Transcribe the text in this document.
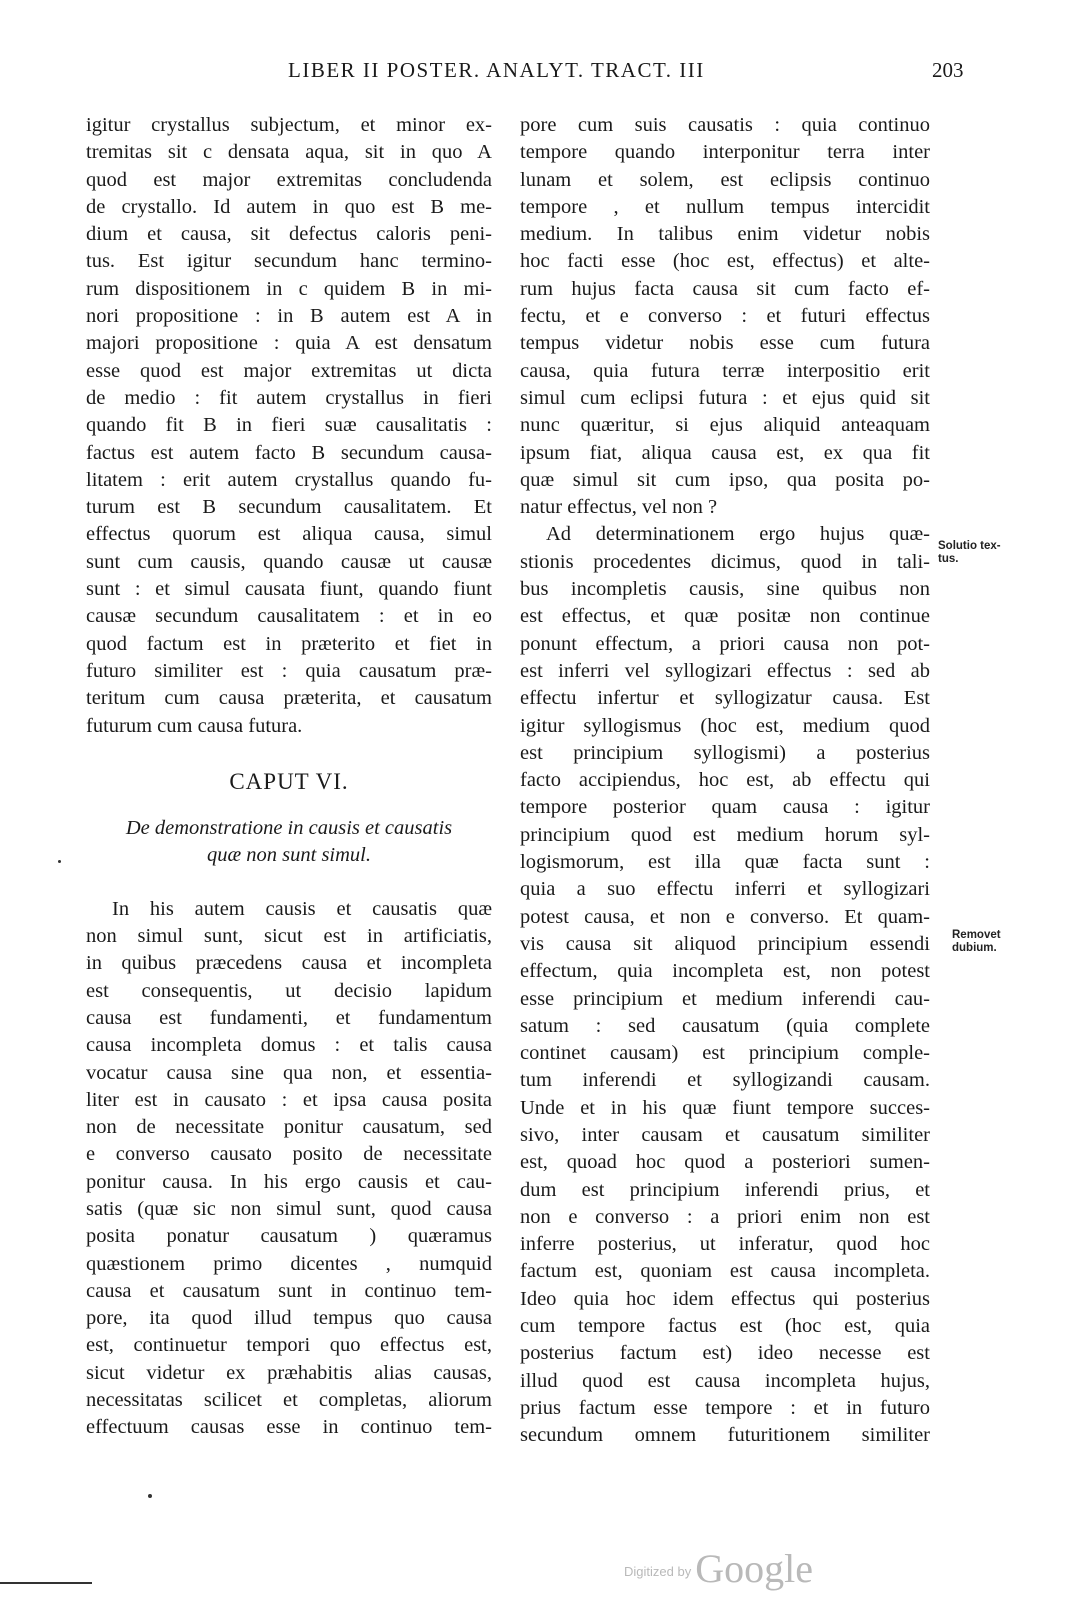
LIBER II POSTER. ANALYT. TRACT. III	203

igitur crystallus subjectum, et minor ex-
tremitas sit c densata aqua, sit in quo A
quod est major extremitas concludenda
de crystallo. Id autem in quo est B me-
dium et causa, sit defectus caloris peni-
tus. Est igitur secundum hanc termino-
rum dispositionem in c quidem B in mi-
nori propositione : in B autem est A in
majori propositione : quia A est densatum
esse quod est major extremitas ut dicta
de medio : fit autem crystallus in fieri
quando fit B in fieri suæ causalitatis :
factus est autem facto B secundum causa-
litatem : erit autem crystallus quando fu-
turum est B secundum causalitatem. Et
effectus quorum est aliqua causa, simul
sunt cum causis, quando causæ ut causæ
sunt : et simul causata fiunt, quando fiunt
causæ secundum causalitatem : et in eo
quod factum est in præterito et fiet in
futuro similiter est : quia causatum præ-
teritum cum causa præterita, et causatum
futurum cum causa futura.

CAPUT VI.
De demonstratione in causis et causatis
quæ non sunt simul.

In his autem causis et causatis quæ
non simul sunt, sicut est in artificiatis,
in quibus præcedens causa et incompleta
est consequentis, ut decisio lapidum
causa est fundamenti, et fundamentum
causa incompleta domus : et talis causa
vocatur causa sine qua non, et essentia-
liter est in causato : et ipsa causa posita
non de necessitate ponitur causatum, sed
e converso causato posito de necessitate
ponitur causa. In his ergo causis et cau-
satis (quæ sic non simul sunt, quod causa
posita ponatur causatum ) quæramus
quæstionem primo dicentes , numquid
causa et causatum sunt in continuo tem-
pore, ita quod illud tempus quo causa
est, continuetur tempori quo effectus est,
sicut videtur ex præhabitis alias causas,
necessitatas scilicet et completas, aliorum
effectuum causas esse in continuo tem-

pore cum suis causatis : quia continuo
tempore quando interponitur terra inter
lunam et solem, est eclipsis continuo
tempore , et nullum tempus intercidit
medium. In talibus enim videtur nobis
hoc facti esse (hoc est, effectus) et alte-
rum hujus facta causa sit cum facto ef-
fectu, et e converso : et futuri effectus
tempus videtur nobis esse cum futura
causa, quia futura terræ interpositio erit
simul cum eclipsi futura : et ejus quid sit
nunc quæritur, si ejus aliquid anteaquam
ipsum fiat, aliqua causa est, ex qua fit
quæ simul sit cum ipso, qua posita po-
natur effectus, vel non ?

Ad determinationem ergo hujus quæ-
stionis procedentes dicimus, quod in tali-
bus incompletis causis, sine quibus non
est effectus, et quæ positæ non continue
ponunt effectum, a priori causa non pot-
est inferri vel syllogizari effectus : sed ab
effectu infertur et syllogizatur causa. Est
igitur syllogismus (hoc est, medium quod
est principium syllogismi) a posterius
facto accipiendus, hoc est, ab effectu qui
tempore posterior quam causa : igitur
principium quod est medium horum syl-
logismorum, est illa quæ facta sunt :
quia a suo effectu inferri et syllogizari
potest causa, et non e converso. Et quam-
vis causa sit aliquod principium essendi
effectum, quia incompleta est, non potest
esse principium et medium inferendi cau-
satum : sed causatum (quia complete
continet causam) est principium comple-
tum inferendi et syllogizandi causam.
Unde et in his quæ fiunt tempore succes-
sivo, inter causam et causatum similiter
est, quoad hoc quod a posteriori sumen-
dum est principium inferendi prius, et
non e converso : a priori enim non est
inferre posterius, ut inferatur, quod hoc
factum est, quoniam est causa incompleta.
Ideo quia hoc idem effectus qui posterius
cum tempore factus est (hoc est, quia
posterius factum est) ideo necesse est
illud quod est causa incompleta hujus,
prius factum esse tempore : et in futuro
secundum omnem futuritionem similiter

Solutio tex-
tus.
Removet
dubium.
$^{Digitized by}$ Google
